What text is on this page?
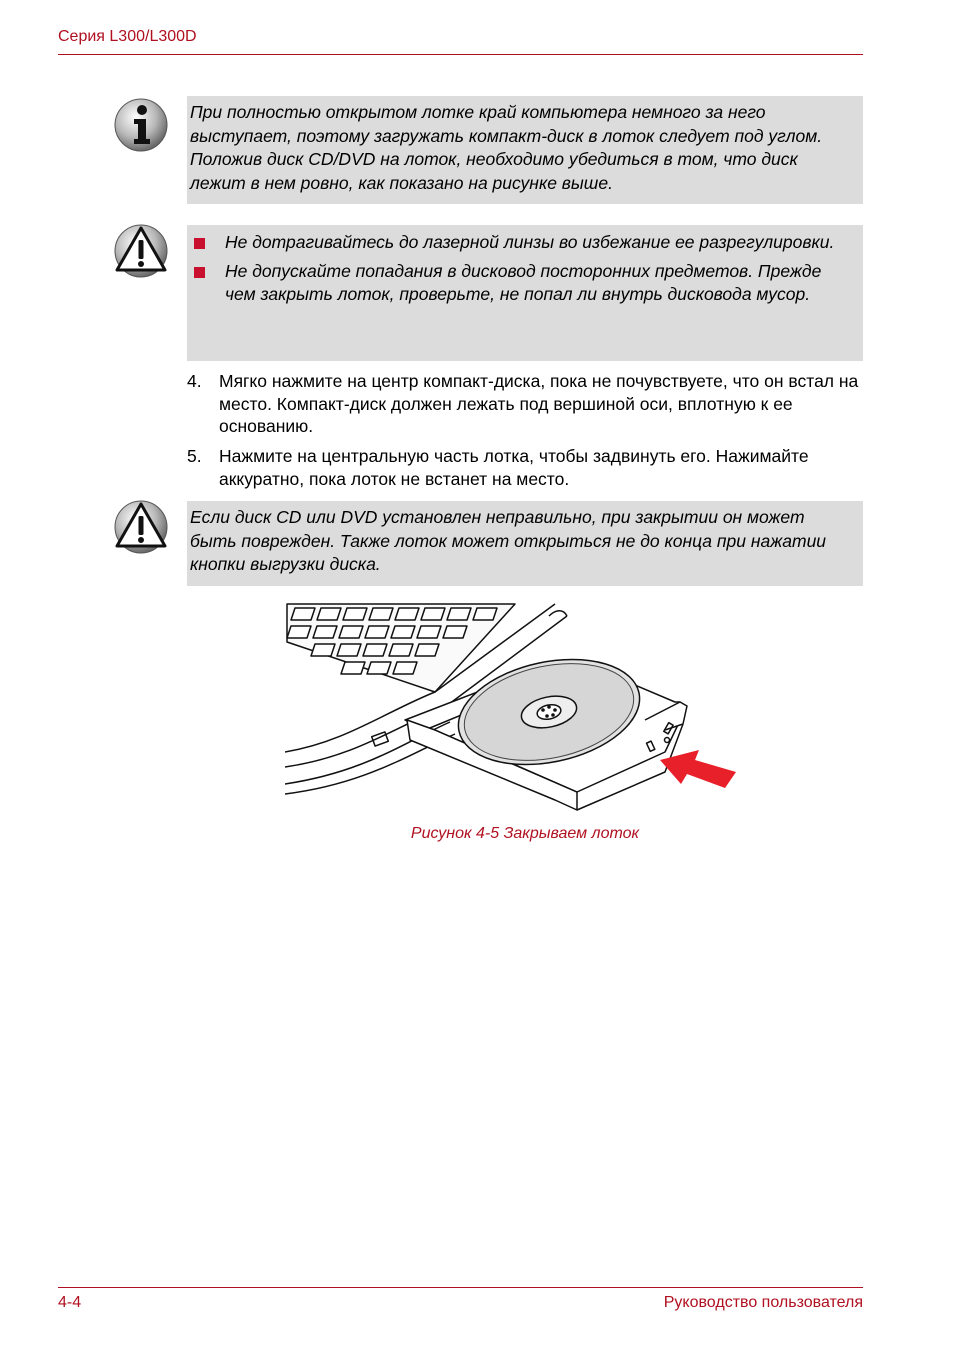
Серия L300/L300D

При полностью открытом лотке край компьютера немного за него выступает, поэтому загружать компакт-диск в лоток следует под углом. Положив диск CD/DVD на лоток, необходимо убедиться в том, что диск лежит в нем ровно, как показано на рисунке выше.

Не дотрагивайтесь до лазерной линзы во избежание ее разрегулировки.
Не допускайте попадания в дисковод посторонних предметов. Прежде чем закрыть лоток, проверьте, не попал ли внутрь дисковода мусор.
4. Мягко нажмите на центр компакт-диска, пока не почувствуете, что он встал на место. Компакт-диск должен лежать под вершиной оси, вплотную к ее основанию.
5. Нажмите на центральную часть лотка, чтобы задвинуть его. Нажимайте аккуратно, пока лоток не встанет на место.

Если диск CD или DVD установлен неправильно, при закрытии он может быть поврежден. Также лоток может открыться не до конца при нажатии кнопки выгрузки диска.

Рисунок 4-5 Закрываем лоток
4-4	Руководство пользователя
